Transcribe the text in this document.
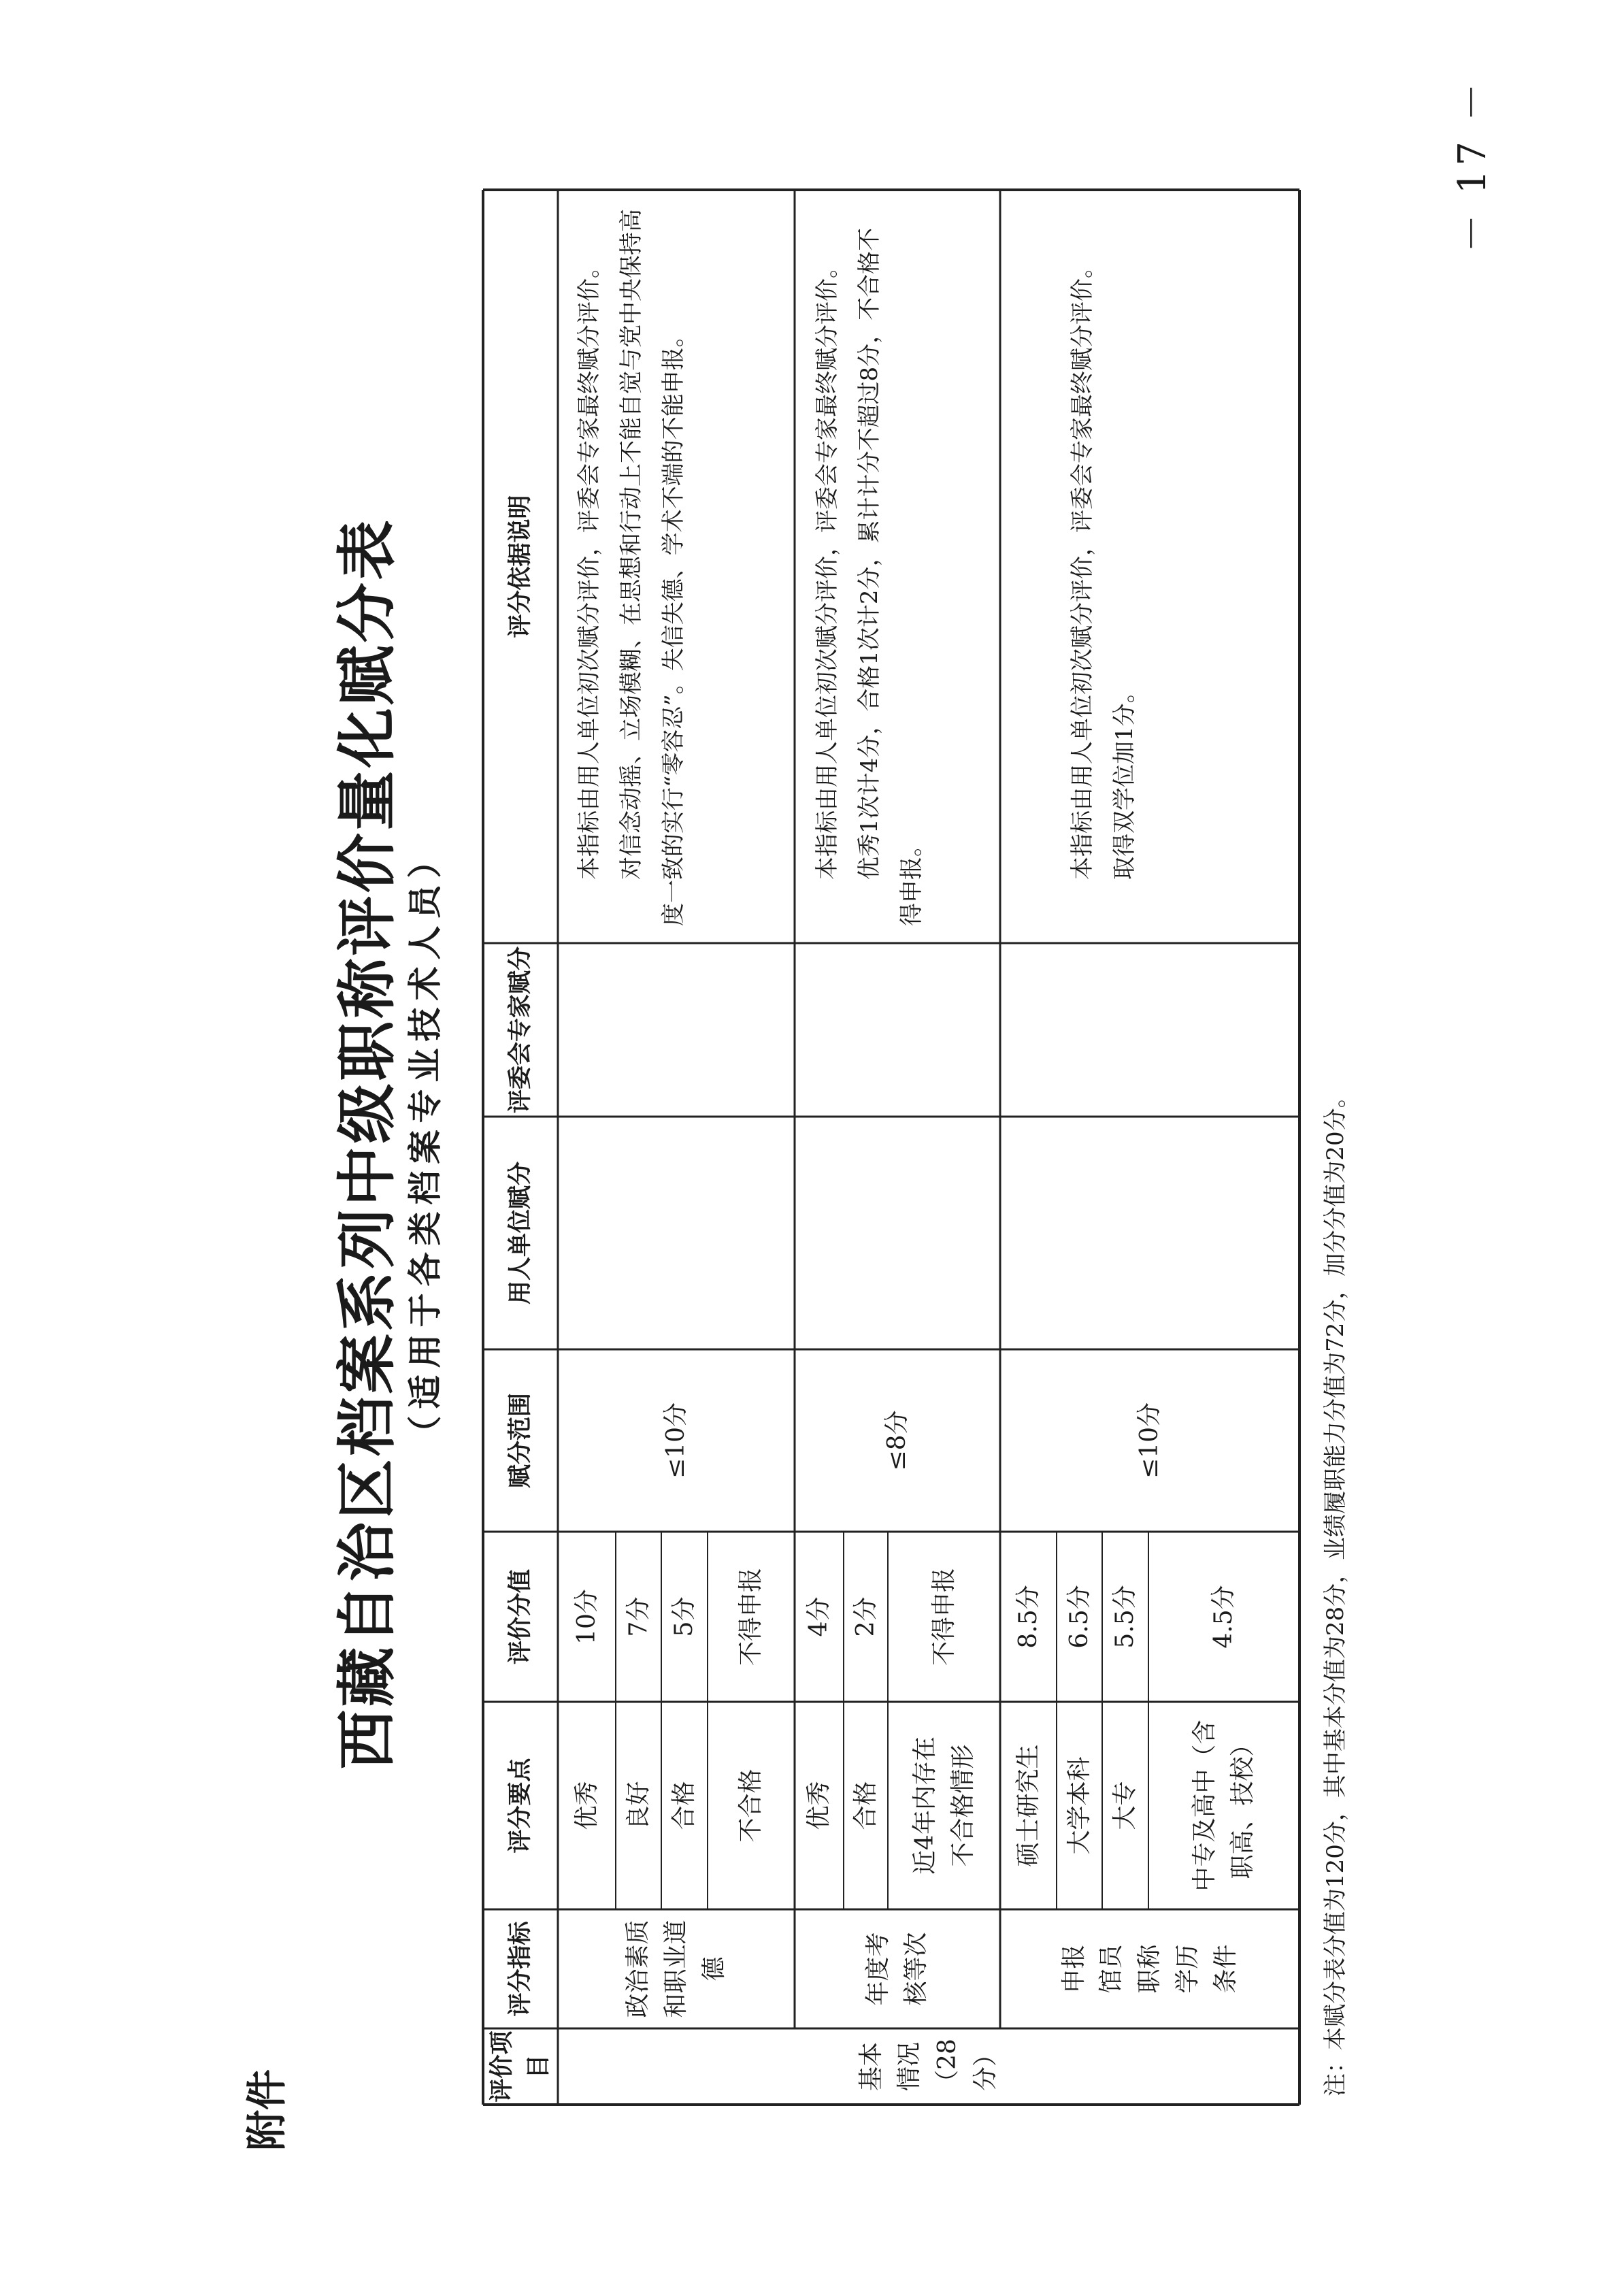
附件
西藏自治区档案系列中级职称评价量化赋分表 （适用于各类档案专业技术人员）
评价项目
评分指标
评分要点
评价分值
赋分范围
用人单位赋分
评委会专家赋分
评分依据说明
基本情况（28分）
政治素质和职业道德
优秀
10分
良好
7分
合格
5分
不合格
不得申报
≤10分

本指标由用人单位初次赋分评价，评委会专家最终赋分评价。 对信念动摇、立场模糊、在思想和行动上不能自觉与党中央保持高度一致的实行“零容忍”。失信失德、学术不端的不能申报。

年度考核等次
优秀
4分
合格
2分
近4年内存在不合格情形
不得申报
≤8分

本指标由用人单位初次赋分评价，评委会专家最终赋分评价。 优秀1次计4分，合格1次计2分，累计计分不超过8分，不合格不得申报。

申报馆员职称学历条件
硕士研究生
8.5分
大学本科
6.5分
大专
5.5分
中专及高中（含职高、技校）
4.5分
≤10分

本指标由用人单位初次赋分评价，评委会专家最终赋分评价。 取得双学位加1分。

注：本赋分表分值为120分，其中基本分值为28分，业绩履职能力分值为72分，加分分值为20分。
－ 17 －
